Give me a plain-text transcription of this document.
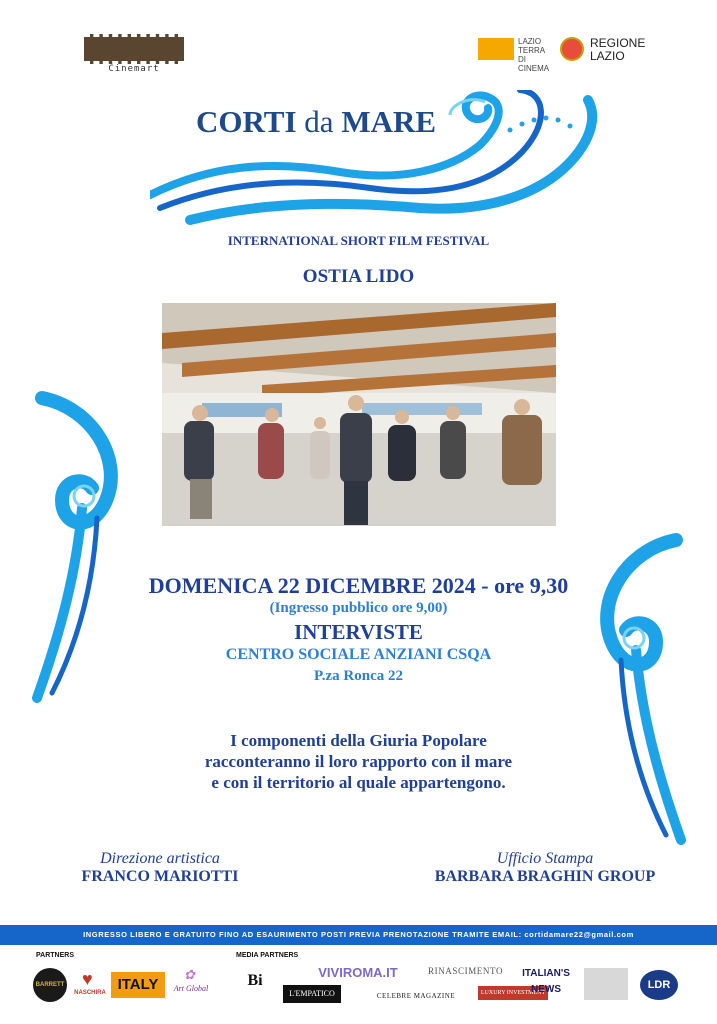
Cinemart
LAZIO
TERRA DI
CINEMA
REGIONE
LAZIO
CORTI da MARE
INTERNATIONAL SHORT FILM FESTIVAL
OSTIA LIDO
DOMENICA 22 DICEMBRE 2024 - ore 9,30
(Ingresso pubblico ore 9,00)
INTERVISTE
CENTRO SOCIALE ANZIANI CSQA
P.za Ronca 22
I componenti della Giuria Popolare
racconteranno il loro rapporto con il mare
e con il territorio al quale appartengono.
Direzione artistica
FRANCO MARIOTTI
Ufficio Stampa
BARBARA BRAGHIN GROUP
INGRESSO LIBERO E GRATUITO FINO AD ESAURIMENTO POSTI PREVIA PRENOTAZIONE TRAMITE EMAIL: cortidamare22@gmail.com
PARTNERS	MEDIA PARTNERS
BARRETT ♥
NASCHIRA ITALY
✿
Art Global	Bi
L'EMPATICO
VIVIROMA.IT
CELEBRE MAGAZINE
RINASCIMENTO
LUXURY INVESTMENT
ITALIAN'S NEWS	LDR
